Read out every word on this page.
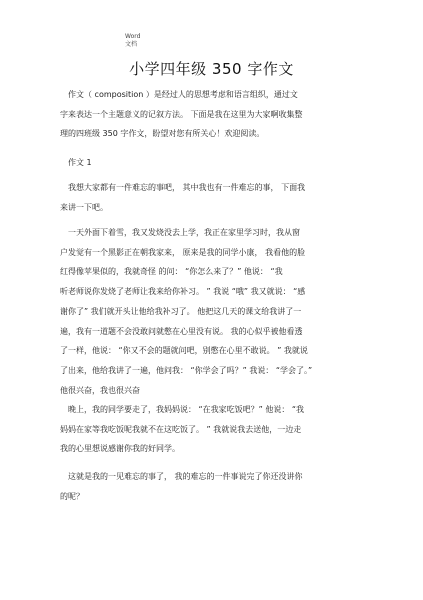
Word
文档
小学四年级 350 字作文
作文（ composition ）是经过人的思想考虑和语言组织，通过文
字来表达一个主题意义的记叙方法。 下面是我在这里为大家啊收集整
理的四班级 350 字作文，盼望对您有所关心！欢迎阅读。
作文 1
我想大家都有一件难忘的事吧， 其中我也有一件难忘的事， 下面我
来讲一下吧。
一天外面下着雪，我又发烧没去上学，我正在家里学习时，我从窗
户发觉有一个黑影正在朝我家来， 原来是我的同学小康， 我看他的脸
红得像苹果似的，我就奇怪 的问： “你怎么来了？” 他说： “我
听老师说你发烧了老师让我来给你补习。 ” 我说 “哦” 我又就说： “感
谢你了” 我们就开头让他给我补习了。 他把这几天的课文给我讲了一
遍，我有一道题不会没敢问就憋在心里没有说。 我的心似乎被他看透
了一样，他说： “你又不会的题就问吧，别憋在心里不敢说。 ” 我就说
了出来，他给我讲了一遍，他问我： “你学会了吗？” 我说： “学会了。”
他很兴奋，我也很兴奋
晚上，我的同学要走了，我妈妈说： “在我家吃饭吧？” 他说： “我
妈妈在家等我吃饭呢我就不在这吃饭了。 ” 我就说我去送他，一边走
我的心里想说感谢你我的好同学。
这就是我的一见难忘的事了， 我的难忘的一件事说完了你还没讲你
的呢？
